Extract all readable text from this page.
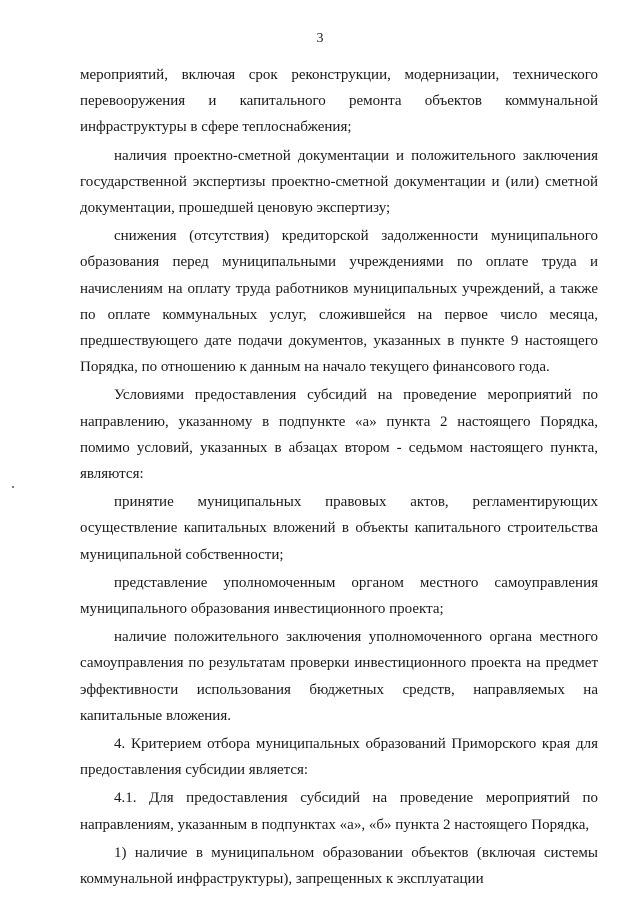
3

мероприятий, включая срок реконструкции, модернизации, технического перевооружения и капитального ремонта объектов коммунальной инфраструктуры в сфере теплоснабжения;

наличия проектно-сметной документации и положительного заключения государственной экспертизы проектно-сметной документации и (или) сметной документации, прошедшей ценовую экспертизу;

снижения (отсутствия) кредиторской задолженности муниципального образования перед муниципальными учреждениями по оплате труда и начислениям на оплату труда работников муниципальных учреждений, а также по оплате коммунальных услуг, сложившейся на первое число месяца, предшествующего дате подачи документов, указанных в пункте 9 настоящего Порядка, по отношению к данным на начало текущего финансового года.

Условиями предоставления субсидий на проведение мероприятий по направлению, указанному в подпункте «а» пункта 2 настоящего Порядка, помимо условий, указанных в абзацах втором - седьмом настоящего пункта, являются:

принятие муниципальных правовых актов, регламентирующих осуществление капитальных вложений в объекты капитального строительства муниципальной собственности;

представление уполномоченным органом местного самоуправления муниципального образования инвестиционного проекта;

наличие положительного заключения уполномоченного органа местного самоуправления по результатам проверки инвестиционного проекта на предмет эффективности использования бюджетных средств, направляемых на капитальные вложения.

4. Критерием отбора муниципальных образований Приморского края для предоставления субсидии является:

4.1. Для предоставления субсидий на проведение мероприятий по направлениям, указанным в подпунктах «а», «б» пункта 2 настоящего Порядка,

1) наличие в муниципальном образовании объектов (включая системы коммунальной инфраструктуры), запрещенных к эксплуатации
